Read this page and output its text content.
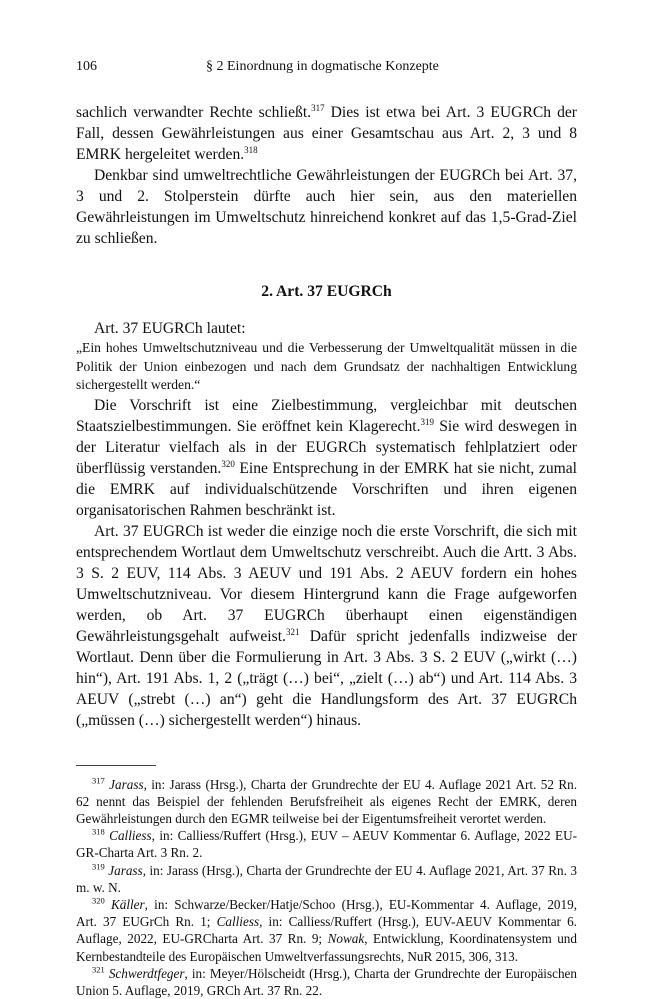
106	§ 2 Einordnung in dogmatische Konzepte

sachlich verwandter Rechte schließt.$^{317}$ Dies ist etwa bei Art. 3 EUGRCh der Fall, dessen Gewährleistungen aus einer Gesamtschau aus Art. 2, 3 und 8 EMRK hergeleitet werden.$^{318}$

Denkbar sind umweltrechtliche Gewährleistungen der EUGRCh bei Art. 37, 3 und 2. Stolperstein dürfte auch hier sein, aus den materiellen Gewährleistungen im Umweltschutz hinreichend konkret auf das 1,5-Grad-Ziel zu schließen.

2. Art. 37 EUGRCh

Art. 37 EUGRCh lautet:

„Ein hohes Umweltschutzniveau und die Verbesserung der Umweltqualität müssen in die Politik der Union einbezogen und nach dem Grundsatz der nachhaltigen Entwicklung sichergestellt werden.“

Die Vorschrift ist eine Zielbestimmung, vergleichbar mit deutschen Staatszielbestimmungen. Sie eröffnet kein Klagerecht.$^{319}$ Sie wird deswegen in der Literatur vielfach als in der EUGRCh systematisch fehlplatziert oder überflüssig verstanden.$^{320}$ Eine Entsprechung in der EMRK hat sie nicht, zumal die EMRK auf individualschützende Vorschriften und ihren eigenen organisatorischen Rahmen beschränkt ist.

Art. 37 EUGRCh ist weder die einzige noch die erste Vorschrift, die sich mit entsprechendem Wortlaut dem Umweltschutz verschreibt. Auch die Artt. 3 Abs. 3 S. 2 EUV, 114 Abs. 3 AEUV und 191 Abs. 2 AEUV fordern ein hohes Umweltschutzniveau. Vor diesem Hintergrund kann die Frage aufgeworfen werden, ob Art. 37 EUGRCh überhaupt einen eigenständigen Gewährleistungsgehalt aufweist.$^{321}$ Dafür spricht jedenfalls indizweise der Wortlaut. Denn über die Formulierung in Art. 3 Abs. 3 S. 2 EUV („wirkt (…) hin“), Art. 191 Abs. 1, 2 („trägt (…) bei“, „zielt (…) ab“) und Art. 114 Abs. 3 AEUV („strebt (…) an“) geht die Handlungsform des Art. 37 EUGRCh („müssen (…) sichergestellt werden“) hinaus.

$^{317}$ Jarass, in: Jarass (Hrsg.), Charta der Grundrechte der EU 4. Auflage 2021 Art. 52 Rn. 62 nennt das Beispiel der fehlenden Berufsfreiheit als eigenes Recht der EMRK, deren Gewährleistungen durch den EGMR teilweise bei der Eigentumsfreiheit verortet werden.

$^{318}$ Calliess, in: Calliess/Ruffert (Hrsg.), EUV – AEUV Kommentar 6. Auflage, 2022 EU-GR-Charta Art. 3 Rn. 2.

$^{319}$ Jarass, in: Jarass (Hrsg.), Charta der Grundrechte der EU 4. Auflage 2021, Art. 37 Rn. 3 m. w. N.

$^{320}$ Käller, in: Schwarze/Becker/Hatje/Schoo (Hrsg.), EU-Kommentar 4. Auflage, 2019, Art. 37 EUGrCh Rn. 1; Calliess, in: Calliess/Ruffert (Hrsg.), EUV-AEUV Kommentar 6. Auflage, 2022, EU-GRCharta Art. 37 Rn. 9; Nowak, Entwicklung, Koordinatensystem und Kernbestandteile des Europäischen Umweltverfassungsrechts, NuR 2015, 306, 313.

$^{321}$ Schwerdtfeger, in: Meyer/Hölscheidt (Hrsg.), Charta der Grundrechte der Europäischen Union 5. Auflage, 2019, GRCh Art. 37 Rn. 22.
